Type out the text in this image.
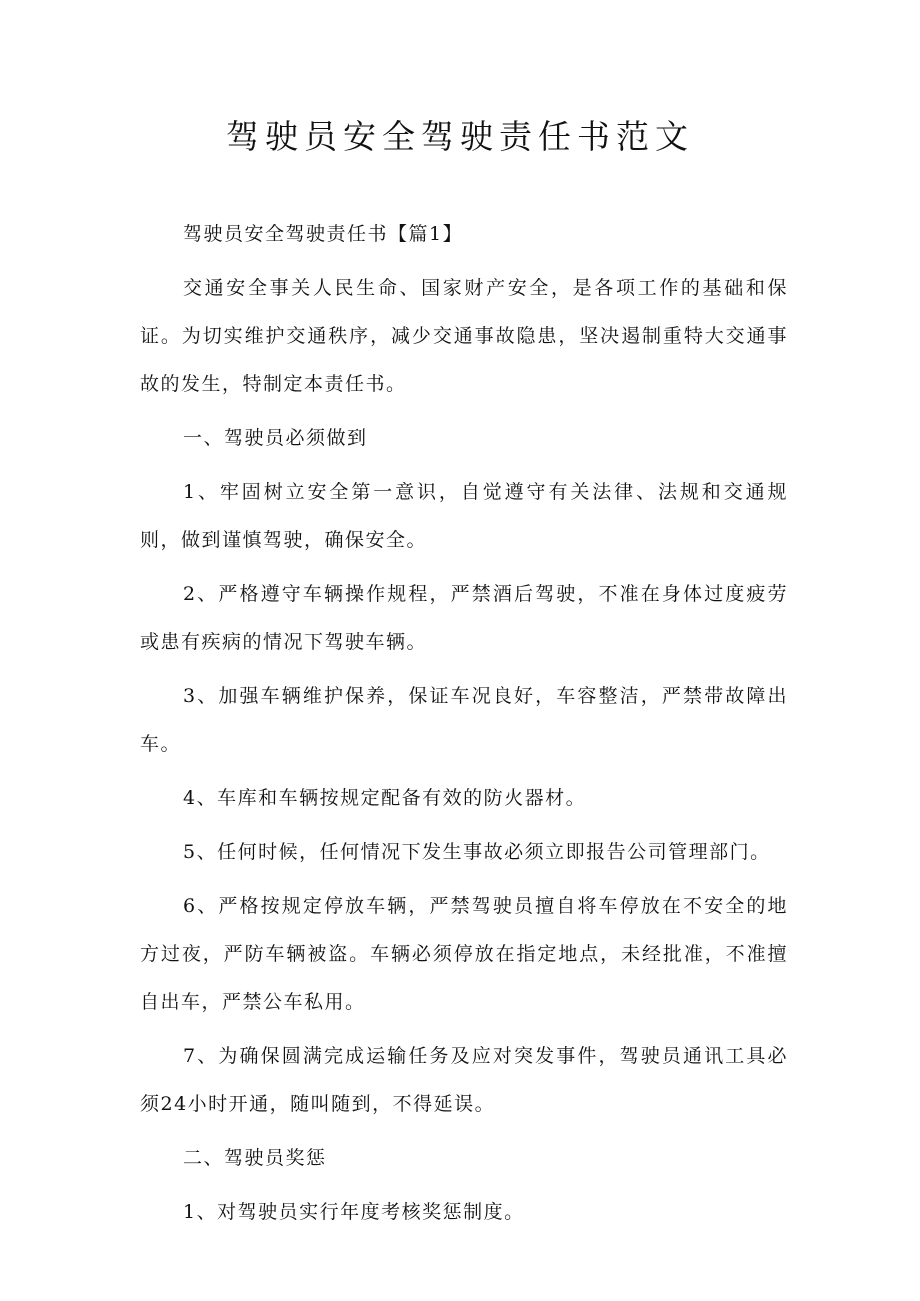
驾驶员安全驾驶责任书范文

驾驶员安全驾驶责任书【篇1】

交通安全事关人民生命、国家财产安全，是各项工作的基础和保证。为切实维护交通秩序，减少交通事故隐患，坚决遏制重特大交通事故的发生，特制定本责任书。

一、驾驶员必须做到

1、牢固树立安全第一意识，自觉遵守有关法律、法规和交通规则，做到谨慎驾驶，确保安全。

2、严格遵守车辆操作规程，严禁酒后驾驶，不准在身体过度疲劳或患有疾病的情况下驾驶车辆。

3、加强车辆维护保养，保证车况良好，车容整洁，严禁带故障出车。

4、车库和车辆按规定配备有效的防火器材。

5、任何时候，任何情况下发生事故必须立即报告公司管理部门。

6、严格按规定停放车辆，严禁驾驶员擅自将车停放在不安全的地方过夜，严防车辆被盗。车辆必须停放在指定地点，未经批准，不准擅自出车，严禁公车私用。

7、为确保圆满完成运输任务及应对突发事件，驾驶员通讯工具必须24小时开通，随叫随到，不得延误。

二、驾驶员奖惩

1、对驾驶员实行年度考核奖惩制度。
